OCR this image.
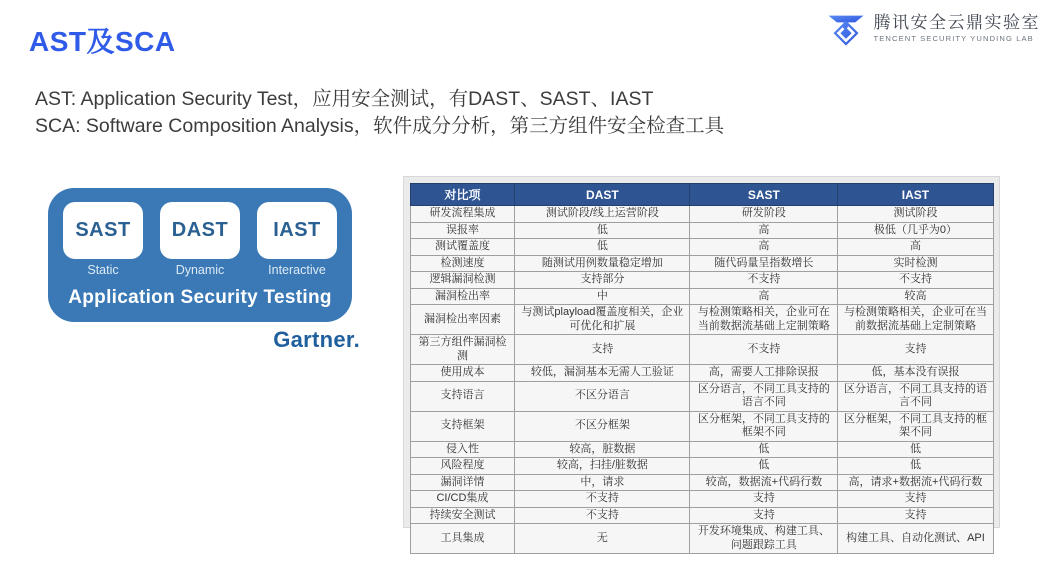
AST及SCA
腾讯安全云鼎实验室
TENCENT SECURITY YUNDING LAB
AST: Application Security Test，应用安全测试，有DAST、SAST、IAST
SCA: Software Composition Analysis，软件成分分析，第三方组件安全检查工具
SAST	DAST	IAST
Static	Dynamic	Interactive
Application Security Testing
Gartner.
对比项	DAST	SAST	IAST
研发流程集成	测试阶段/线上运营阶段	研发阶段	测试阶段
误报率	低	高	极低（几乎为0）
测试覆盖度	低	高	高
检测速度	随测试用例数量稳定增加	随代码量呈指数增长	实时检测
逻辑漏洞检测	支持部分	不支持	不支持
漏洞检出率	中	高	较高
漏洞检出率因素	与测试playload覆盖度相关，企业可优化和扩展	与检测策略相关，企业可在当前数据流基础上定制策略	与检测策略相关，企业可在当前数据流基础上定制策略
第三方组件漏洞检测	支持	不支持	支持
使用成本	较低，漏洞基本无需人工验证	高，需要人工排除误报	低，基本没有误报
支持语言	不区分语言	区分语言，不同工具支持的语言不同	区分语言，不同工具支持的语言不同
支持框架	不区分框架	区分框架，不同工具支持的框架不同	区分框架，不同工具支持的框架不同
侵入性	较高，脏数据	低	低
风险程度	较高，扫挂/脏数据	低	低
漏洞详情	中，请求	较高，数据流+代码行数	高，请求+数据流+代码行数
CI/CD集成	不支持	支持	支持
持续安全测试	不支持	支持	支持
工具集成	无	开发环境集成、构建工具、问题跟踪工具	构建工具、自动化测试、API
